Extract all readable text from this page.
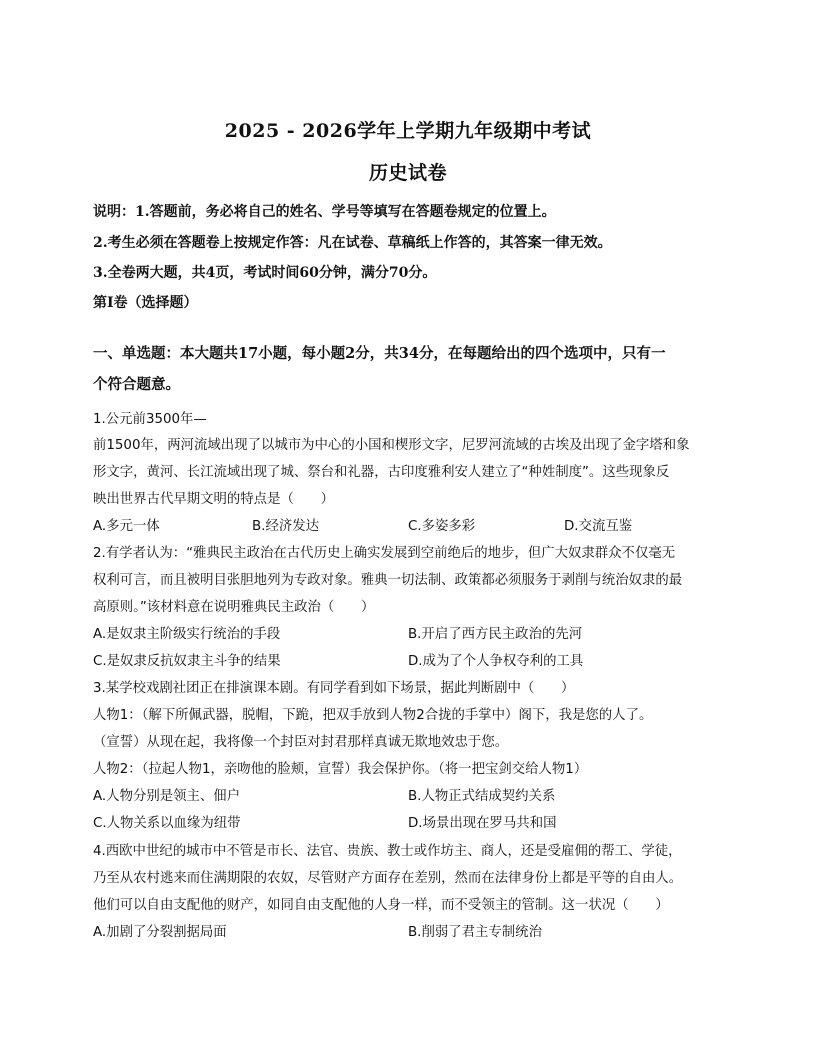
2025 - 2026学年上学期九年级期中考试
历史试卷
说明：1.答题前，务必将自己的姓名、学号等填写在答题卷规定的位置上。
2.考生必须在答题卷上按规定作答：凡在试卷、草稿纸上作答的，其答案一律无效。
3.全卷两大题，共4页，考试时间60分钟，满分70分。
第Ⅰ卷（选择题）
一、单选题：本大题共17小题，每小题2分，共34分，在每题给出的四个选项中，只有一
个符合题意。
1.公元前3500年—
前1500年，两河流域出现了以城市为中心的小国和楔形文字，尼罗河流域的古埃及出现了金字塔和象
形文字，黄河、长江流域出现了城、祭台和礼器，古印度雅利安人建立了“种姓制度”。这些现象反
映出世界古代早期文明的特点是（　　）
A.多元一体	B.经济发达	C.多姿多彩	D.交流互鉴
2.有学者认为：“雅典民主政治在古代历史上确实发展到空前绝后的地步，但广大奴隶群众不仅毫无
权利可言，而且被明目张胆地列为专政对象。雅典一切法制、政策都必须服务于剥削与统治奴隶的最
高原则。”该材料意在说明雅典民主政治（　　）
A.是奴隶主阶级实行统治的手段	B.开启了西方民主政治的先河
C.是奴隶反抗奴隶主斗争的结果	D.成为了个人争权夺利的工具
3.某学校戏剧社团正在排演课本剧。有同学看到如下场景，据此判断剧中（　　）
人物1：（解下所佩武器，脱帽，下跪，把双手放到人物2合拢的手掌中）阁下，我是您的人了。
（宣誓）从现在起，我将像一个封臣对封君那样真诚无欺地效忠于您。
人物2：（拉起人物1，亲吻他的脸颊，宣誓）我会保护你。（将一把宝剑交给人物1）
A.人物分别是领主、佃户	B.人物正式结成契约关系
C.人物关系以血缘为纽带	D.场景出现在罗马共和国
4.西欧中世纪的城市中不管是市长、法官、贵族、教士或作坊主、商人，还是受雇佣的帮工、学徒，
乃至从农村逃来而住满期限的农奴，尽管财产方面存在差别，然而在法律身份上都是平等的自由人。
他们可以自由支配他的财产，如同自由支配他的人身一样，而不受领主的管制。这一状况（　　）
A.加剧了分裂割据局面	B.削弱了君主专制统治
